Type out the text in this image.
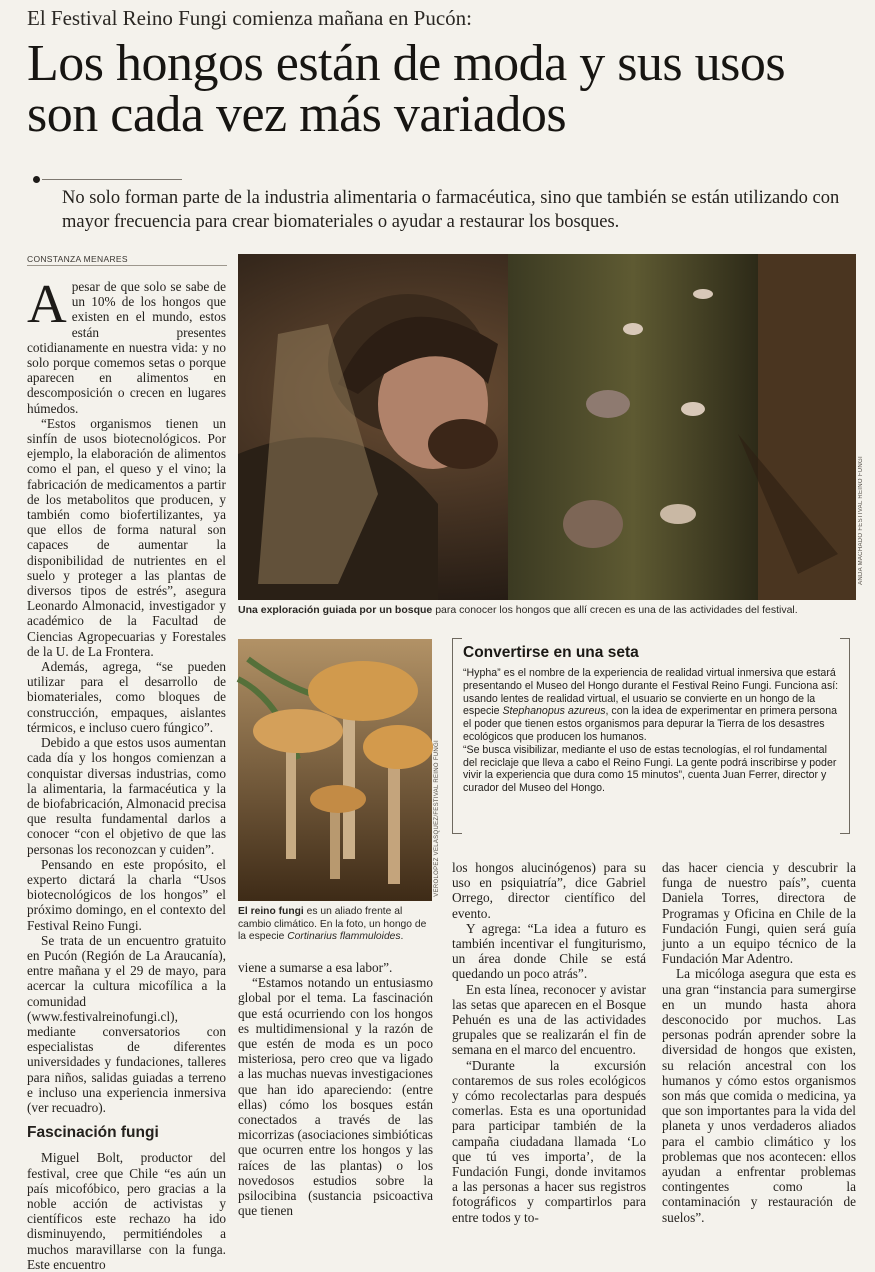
El Festival Reino Fungi comienza mañana en Pucón:
Los hongos están de moda y sus usos son cada vez más variados
No solo forman parte de la industria alimentaria o farmacéutica, sino que también se están utilizando con mayor frecuencia para crear biomateriales o ayudar a restaurar los bosques.
CONSTANZA MENARES

Apesar de que solo se sabe de un 10% de los hongos que existen en el mundo, estos están presentes cotidianamente en nuestra vida: y no solo porque comemos setas o porque aparecen en alimentos en descomposición o crecen en lugares húmedos.

“Estos organismos tienen un sinfín de usos biotecnológicos. Por ejemplo, la elaboración de alimentos como el pan, el queso y el vino; la fabricación de medicamentos a partir de los metabolitos que producen, y también como biofertilizantes, ya que ellos de forma natural son capaces de aumentar la disponibilidad de nutrientes en el suelo y proteger a las plantas de diversos tipos de estrés”, asegura Leonardo Almonacid, investigador y académico de la Facultad de Ciencias Agropecuarias y Forestales de la U. de La Frontera.

Además, agrega, “se pueden utilizar para el desarrollo de biomateriales, como bloques de construcción, empaques, aislantes térmicos, e incluso cuero fúngico”.

Debido a que estos usos aumentan cada día y los hongos comienzan a conquistar diversas industrias, como la alimentaria, la farmacéutica y la de biofabricación, Almonacid precisa que resulta fundamental darlos a conocer “con el objetivo de que las personas los reconozcan y cuiden”.

Pensando en este propósito, el experto dictará la charla “Usos biotecnológicos de los hongos” el próximo domingo, en el contexto del Festival Reino Fungi.

Se trata de un encuentro gratuito en Pucón (Región de La Araucanía), entre mañana y el 29 de mayo, para acercar la cultura micofílica a la comunidad (www.festivalreinofungi.cl), mediante conversatorios con especialistas de diferentes universidades y fundaciones, talleres para niños, salidas guiadas a terreno e incluso una experiencia inmersiva (ver recuadro).

Fascinación fungi

Miguel Bolt, productor del festival, cree que Chile “es aún un país micofóbico, pero gracias a la noble acción de activistas y científicos este rechazo ha ido disminuyendo, permitiéndoles a muchos maravillarse con la funga. Este encuentro

ANDA MACHADO FESTIVAL REINO FUNGI
Una exploración guiada por un bosque para conocer los hongos que allí crecen es una de las actividades del festival.
VEROLÓPEZ VELÁSQUEZ/FESTIVAL REINO FUNGI
El reino fungi es un aliado frente al cambio climático. En la foto, un hongo de la especie Cortinarius flammuloides.
Convertirse en una seta

“Hypha” es el nombre de la experiencia de realidad virtual inmersiva que estará presentando el Museo del Hongo durante el Festival Reino Fungi. Funciona así: usando lentes de realidad virtual, el usuario se convierte en un hongo de la especie Stephanopus azureus, con la idea de experimentar en primera persona el poder que tienen estos organismos para depurar la Tierra de los desastres ecológicos que producen los humanos.

“Se busca visibilizar, mediante el uso de estas tecnologías, el rol fundamental del reciclaje que lleva a cabo el Reino Fungi. La gente podrá inscribirse y poder vivir la experiencia que dura como 15 minutos”, cuenta Juan Ferrer, director y curador del Museo del Hongo.

viene a sumarse a esa labor”.

“Estamos notando un entusiasmo global por el tema. La fascinación que está ocurriendo con los hongos es multidimensional y la razón de que estén de moda es un poco misteriosa, pero creo que va ligado a las muchas nuevas investigaciones que han ido apareciendo: (entre ellas) cómo los bosques están conectados a través de las micorrizas (asociaciones simbióticas que ocurren entre los hongos y las raíces de las plantas) o los novedosos estudios sobre la psilocibina (sustancia psicoactiva que tienen

los hongos alucinógenos) para su uso en psiquiatría”, dice Gabriel Orrego, director científico del evento.

Y agrega: “La idea a futuro es también incentivar el fungiturismo, un área donde Chile se está quedando un poco atrás”.

En esta línea, reconocer y avistar las setas que aparecen en el Bosque Pehuén es una de las actividades grupales que se realizarán el fin de semana en el marco del encuentro.

“Durante la excursión contaremos de sus roles ecológicos y cómo recolectarlas para después comerlas. Esta es una oportunidad para participar también de la campaña ciudadana llamada ‘Lo que tú ves importa’, de la Fundación Fungi, donde invitamos a las personas a hacer sus registros fotográficos y compartirlos para entre todos y to-

das hacer ciencia y descubrir la funga de nuestro país”, cuenta Daniela Torres, directora de Programas y Oficina en Chile de la Fundación Fungi, quien será guía junto a un equipo técnico de la Fundación Mar Adentro.

La micóloga asegura que esta es una gran “instancia para sumergirse en un mundo hasta ahora desconocido por muchos. Las personas podrán aprender sobre la diversidad de hongos que existen, su relación ancestral con los humanos y cómo estos organismos son más que comida o medicina, ya que son importantes para la vida del planeta y unos verdaderos aliados para el cambio climático y los problemas que nos acontecen: ellos ayudan a enfrentar problemas contingentes como la contaminación y restauración de suelos”.
